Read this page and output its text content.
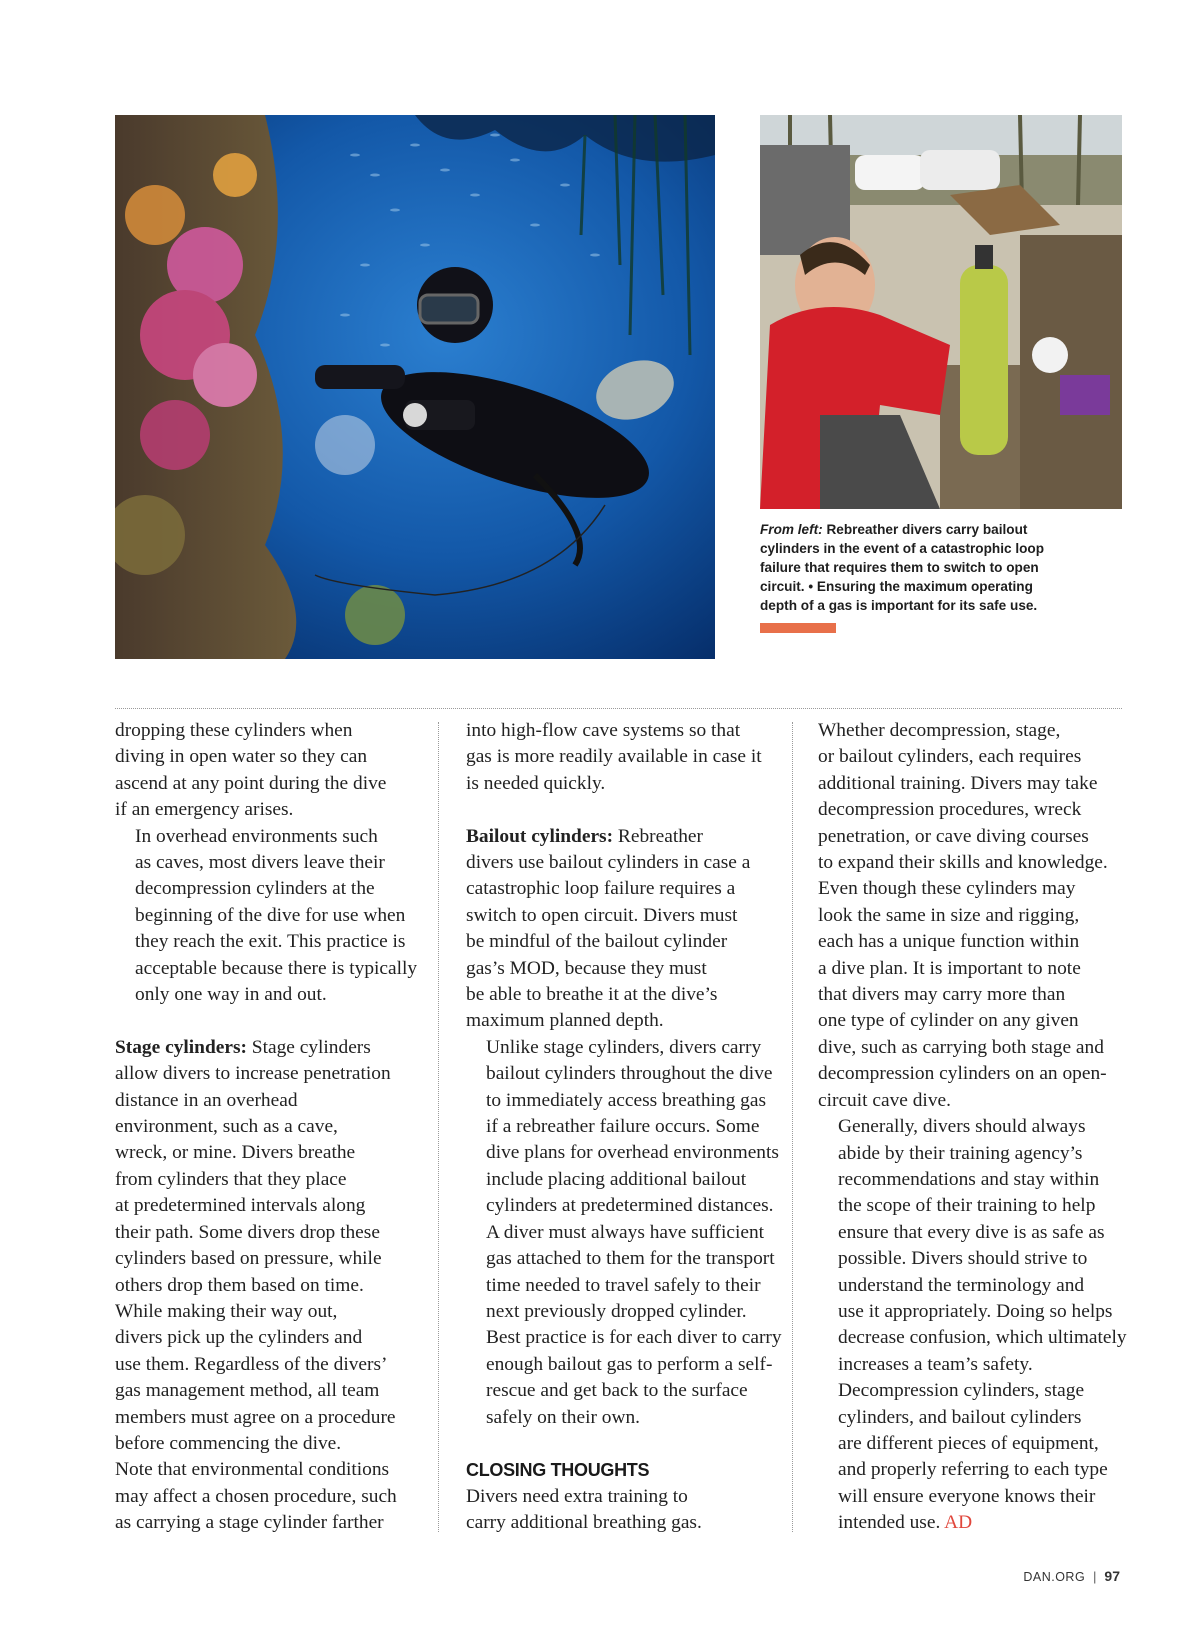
From left: Rebreather divers carry bailout cylinders in the event of a catastrophic loop failure that requires them to switch to open circuit. • Ensuring the maximum operating depth of a gas is important for its safe use.

dropping these cylinders when
diving in open water so they can
ascend at any point during the dive
if an emergency arises.

In overhead environments such
as caves, most divers leave their
decompression cylinders at the
beginning of the dive for use when
they reach the exit. This practice is
acceptable because there is typically
only one way in and out.

Stage cylinders: Stage cylinders
allow divers to increase penetration
distance in an overhead
environment, such as a cave,
wreck, or mine. Divers breathe
from cylinders that they place
at predetermined intervals along
their path. Some divers drop these
cylinders based on pressure, while
others drop them based on time.
While making their way out,
divers pick up the cylinders and
use them. Regardless of the divers’
gas management method, all team
members must agree on a procedure
before commencing the dive.
Note that environmental conditions
may affect a chosen procedure, such
as carrying a stage cylinder farther

into high-flow cave systems so that
gas is more readily available in case it
is needed quickly.

Bailout cylinders: Rebreather
divers use bailout cylinders in case a
catastrophic loop failure requires a
switch to open circuit. Divers must
be mindful of the bailout cylinder
gas’s MOD, because they must
be able to breathe it at the dive’s
maximum planned depth.

Unlike stage cylinders, divers carry
bailout cylinders throughout the dive
to immediately access breathing gas
if a rebreather failure occurs. Some
dive plans for overhead environments
include placing additional bailout
cylinders at predetermined distances.
A diver must always have sufficient
gas attached to them for the transport
time needed to travel safely to their
next previously dropped cylinder.
Best practice is for each diver to carry
enough bailout gas to perform a self-
rescue and get back to the surface
safely on their own.

CLOSING THOUGHTS
Divers need extra training to
carry additional breathing gas.

Whether decompression, stage,
or bailout cylinders, each requires
additional training. Divers may take
decompression procedures, wreck
penetration, or cave diving courses
to expand their skills and knowledge.
Even though these cylinders may
look the same in size and rigging,
each has a unique function within
a dive plan. It is important to note
that divers may carry more than
one type of cylinder on any given
dive, such as carrying both stage and
decompression cylinders on an open-
circuit cave dive.

Generally, divers should always
abide by their training agency’s
recommendations and stay within
the scope of their training to help
ensure that every dive is as safe as
possible. Divers should strive to
understand the terminology and
use it appropriately. Doing so helps
decrease confusion, which ultimately
increases a team’s safety.

Decompression cylinders, stage
cylinders, and bailout cylinders
are different pieces of equipment,
and properly referring to each type
will ensure everyone knows their
intended use. AD

DAN.ORG | 97
